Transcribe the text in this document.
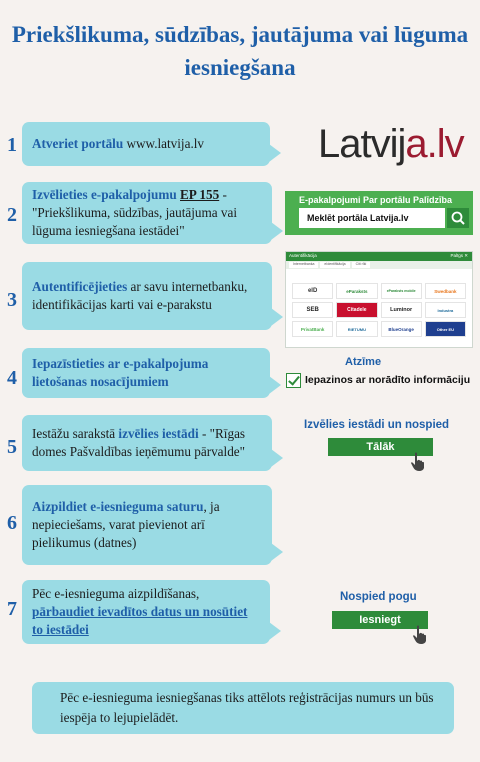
Priekšlikuma, sūdzības, jautājuma vai lūguma iesniegšana
1
2
3
4
5
6
7
Atveriet portālu www.latvija.lv
Izvēlieties e-pakalpojumu EP 155 - "Priekšlikuma, sūdzības, jautājuma vai lūguma iesniegšana iestādei"
Autentificējieties ar savu internetbanku, identifikācijas karti vai e-parakstu
Iepazīstieties ar e-pakalpojuma lietošanas nosacījumiem
Iestāžu sarakstā izvēlies iestādi - "Rīgas domes Pašvaldības ieņēmumu pārvalde"
Aizpildiet e-iesnieguma saturu, ja nepieciešams, varat pievienot arī pielikumus (datnes)
Pēc e-iesnieguma aizpildīšanas, pārbaudiet ievadītos datus un nosūtiet to iestādei
Pēc e-iesnieguma iesniegšanas tiks attēlots reģistrācijas numurs un būs iespēja to lejupielādēt.
Latvija.lv
E-pakalpojumi Par portālu Palīdzība
Meklēt portāla Latvija.lv
Autentifikācija	Palīgs ✕
Internetbanka	eIdentifikācija	Citi rīki
eID	eParaksts	eParaksts mobile	Swedbank
SEB	Citadele	Luminor	Industra
PrivatBank	RIETUMU	BlueOrange	Other EU
Atzīme
Iepazinos ar norādīto informāciju
Izvēlies iestādi un nospied
Tālāk
Nospied pogu
Iesniegt
